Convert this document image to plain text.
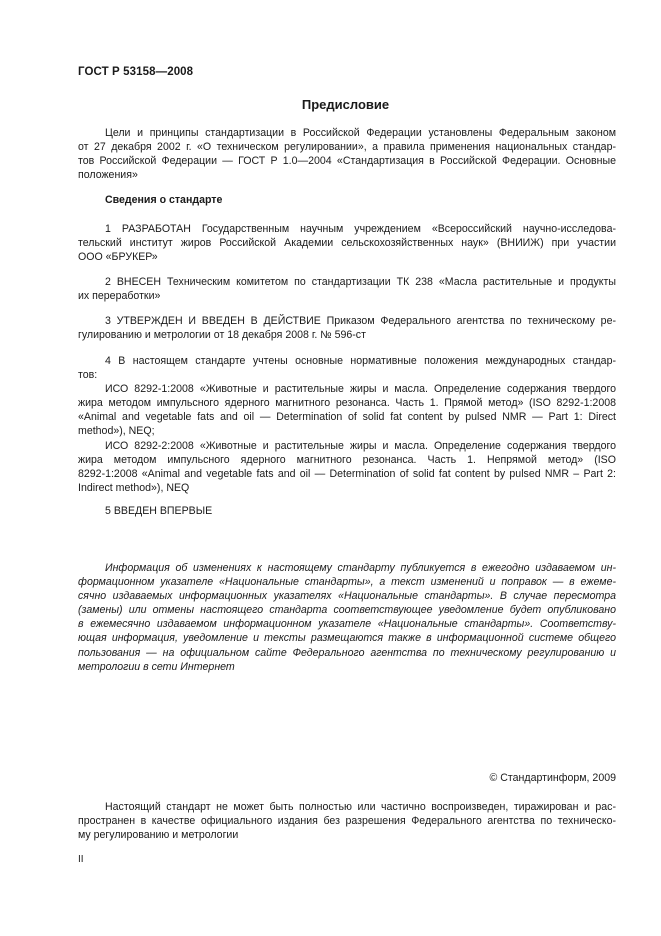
ГОСТ Р 53158—2008
Предисловие
Цели и принципы стандартизации в Российской Федерации установлены Федеральным законом
от 27 декабря 2002 г. «О техническом регулировании», а правила применения национальных стандар-
тов Российской Федерации — ГОСТ Р 1.0—2004 «Стандартизация в Российской Федерации. Основные
положения»
Сведения о стандарте
1 РАЗРАБОТАН Государственным научным учреждением «Всероссийский научно-исследова-
тельский институт жиров Российской Академии сельскохозяйственных наук» (ВНИИЖ) при участии
ООО «БРУКЕР»
2 ВНЕСЕН Техническим комитетом по стандартизации ТК 238 «Масла растительные и продукты
их переработки»
3 УТВЕРЖДЕН И ВВЕДЕН В ДЕЙСТВИЕ Приказом Федерального агентства по техническому ре-
гулированию и метрологии от 18 декабря 2008 г. № 596-ст
4 В настоящем стандарте учтены основные нормативные положения международных стандар-
тов:
ИСО 8292-1:2008 «Животные и растительные жиры и масла. Определение содержания твердого
жира методом импульсного ядерного магнитного резонанса. Часть 1. Прямой метод» (ISO 8292-1:2008
«Animal and vegetable fats and oil — Determination of solid fat content by pulsed NMR — Part 1: Direct
method»), NEQ;
ИСО 8292-2:2008 «Животные и растительные жиры и масла. Определение содержания твердого
жира методом импульсного ядерного магнитного резонанса. Часть 1. Непрямой метод» (ISO
8292-1:2008 «Animal and vegetable fats and oil — Determination of solid fat content by pulsed NMR – Part 2:
Indirect method»), NEQ
5 ВВЕДЕН ВПЕРВЫЕ
Информация об изменениях к настоящему стандарту публикуется в ежегодно издаваемом ин-
формационном указателе «Национальные стандарты», а текст изменений и поправок — в ежеме-
сячно издаваемых информационных указателях «Национальные стандарты». В случае пересмотра
(замены) или отмены настоящего стандарта соответствующее уведомление будет опубликовано
в ежемесячно издаваемом информационном указателе «Национальные стандарты». Соответству-
ющая информация, уведомление и тексты размещаются также в информационной системе общего
пользования — на официальном сайте Федерального агентства по техническому регулированию и
метрологии в сети Интернет
© Стандартинформ, 2009
Настоящий стандарт не может быть полностью или частично воспроизведен, тиражирован и рас-
пространен в качестве официального издания без разрешения Федерального агентства по техническо-
му регулированию и метрологии
II
